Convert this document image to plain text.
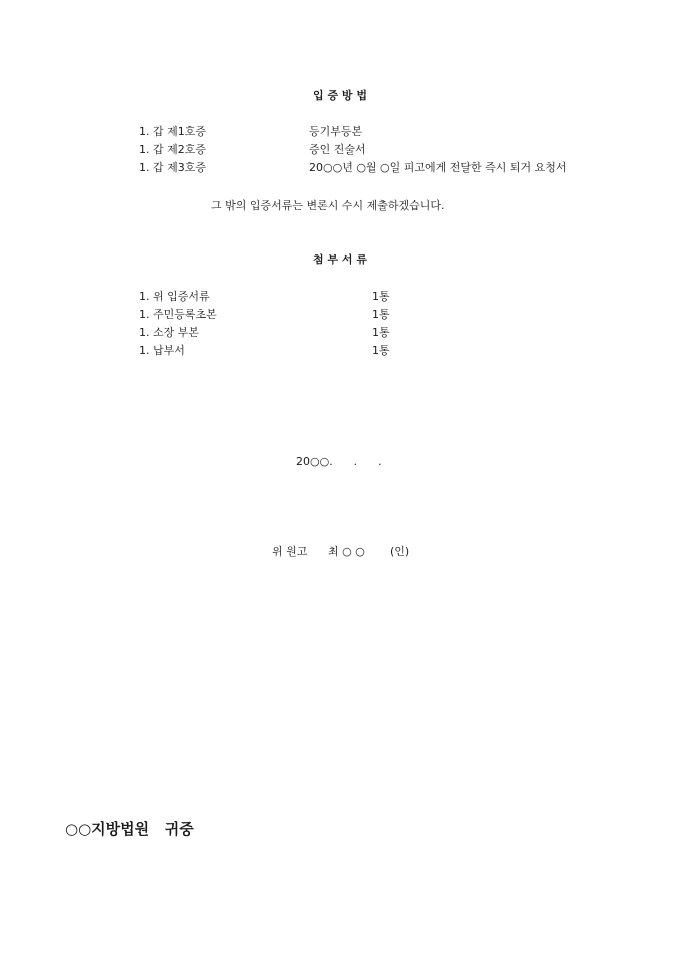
입 증 방 법
1. 갑 제1호증	등기부등본
1. 갑 제2호증	증인 진술서
1. 갑 제3호증	20○○년 ○월 ○일 피고에게 전달한 즉시 퇴거 요청서
그 밖의 입증서류는 변론시 수시 제출하겠습니다.
첨 부 서 류
1. 위 입증서류	1통
1. 주민등록초본	1통
1. 소장 부본	1통
1. 납부서	1통
20○○.      .      .
위 원고 최 ○ ○ (인)
○○지방법원   귀중
